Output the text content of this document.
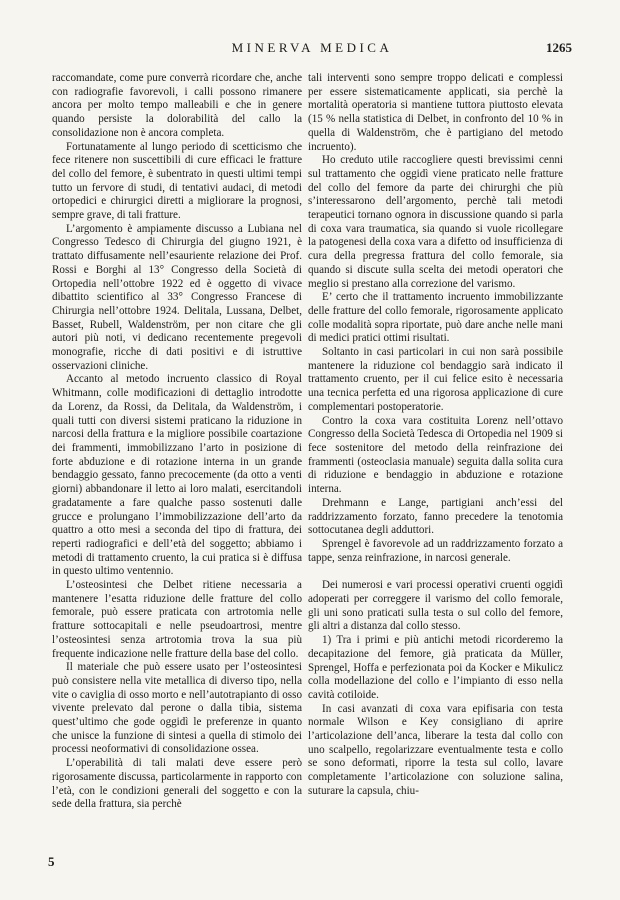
MINERVA MEDICA	1265

raccomandate, come pure converrà ricordare che, anche con radiografie favorevoli, i calli possono rimanere ancora per molto tempo malleabili e che in genere quando persiste la dolorabilità del callo la consolidazione non è ancora completa.

Fortunatamente al lungo periodo di scetticismo che fece ritenere non suscettibili di cure efficaci le fratture del collo del femore, è subentrato in questi ultimi tempi tutto un fervore di studi, di tentativi audaci, di metodi ortopedici e chirurgici diretti a migliorare la prognosi, sempre grave, di tali fratture.

L’argomento è ampiamente discusso a Lubiana nel Congresso Tedesco di Chirurgia del giugno 1921, è trattato diffusamente nell’esauriente relazione dei Prof. Rossi e Borghi al 13° Congresso della Società di Ortopedia nell’ottobre 1922 ed è oggetto di vivace dibattito scientifico al 33° Congresso Francese di Chirurgia nell’ottobre 1924. Delitala, Lussana, Delbet, Basset, Rubell, Waldenström, per non citare che gli autori più noti, vi dedicano recentemente pregevoli monografie, ricche di dati positivi e di istruttive osservazioni cliniche.

Accanto al metodo incruento classico di Royal Whitmann, colle modificazioni di dettaglio introdotte da Lorenz, da Rossi, da Delitala, da Waldenström, i quali tutti con diversi sistemi praticano la riduzione in narcosi della frattura e la migliore possibile coartazione dei frammenti, immobilizzano l’arto in posizione di forte abduzione e di rotazione interna in un grande bendaggio gessato, fanno precocemente (da otto a venti giorni) abbandonare il letto ai loro malati, esercitandoli gradatamente a fare qualche passo sostenuti dalle grucce e prolungano l’immobilizzazione dell’arto da quattro a otto mesi a seconda del tipo di frattura, dei reperti radiografici e dell’età del soggetto; abbiamo i metodi di trattamento cruento, la cui pratica si è diffusa in questo ultimo ventennio.

L’osteosintesi che Delbet ritiene necessaria a mantenere l’esatta riduzione delle fratture del collo femorale, può essere praticata con artrotomia nelle fratture sottocapitali e nelle pseudoartrosi, mentre l’osteosintesi senza artrotomia trova la sua più frequente indicazione nelle fratture della base del collo.

Il materiale che può essere usato per l’osteosintesi può consistere nella vite metallica di diverso tipo, nella vite o caviglia di osso morto e nell’autotrapianto di osso vivente prelevato dal perone o dalla tibia, sistema quest’ultimo che gode oggidì le preferenze in quanto che unisce la funzione di sintesi a quella di stimolo dei processi neoformativi di consolidazione ossea.

L’operabilità di tali malati deve essere però rigorosamente discussa, particolarmente in rapporto con l’età, con le condizioni generali del soggetto e con la sede della frattura, sia perchè

tali interventi sono sempre troppo delicati e complessi per essere sistematicamente applicati, sia perchè la mortalità operatoria si mantiene tuttora piuttosto elevata (15 % nella statistica di Delbet, in confronto del 10 % in quella di Waldenström, che è partigiano del metodo incruento).

Ho creduto utile raccogliere questi brevissimi cenni sul trattamento che oggidì viene praticato nelle fratture del collo del femore da parte dei chirurghi che più s’interessarono dell’argomento, perchè tali metodi terapeutici tornano ognora in discussione quando si parla di coxa vara traumatica, sia quando si vuole ricollegare la patogenesi della coxa vara a difetto od insufficienza di cura della pregressa frattura del collo femorale, sia quando si discute sulla scelta dei metodi operatori che meglio si prestano alla correzione del varismo.

E’ certo che il trattamento incruento immobilizzante delle fratture del collo femorale, rigorosamente applicato colle modalità sopra riportate, può dare anche nelle mani di medici pratici ottimi risultati.

Soltanto in casi particolari in cui non sarà possibile mantenere la riduzione col bendaggio sarà indicato il trattamento cruento, per il cui felice esito è necessaria una tecnica perfetta ed una rigorosa applicazione di cure complementari postoperatorie.

Contro la coxa vara costituita Lorenz nell’ottavo Congresso della Società Tedesca di Ortopedia nel 1909 si fece sostenitore del metodo della reinfrazione dei frammenti (osteoclasia manuale) seguita dalla solita cura di riduzione e bendaggio in abduzione e rotazione interna.

Drehmann e Lange, partigiani anch’essi del raddrizzamento forzato, fanno precedere la tenotomia sottocutanea degli adduttori.

Sprengel è favorevole ad un raddrizzamento forzato a tappe, senza reinfrazione, in narcosi generale.

Dei numerosi e vari processi operativi cruenti oggidì adoperati per correggere il varismo del collo femorale, gli uni sono praticati sulla testa o sul collo del femore, gli altri a distanza dal collo stesso.

1) Tra i primi e più antichi metodi ricorderemo la decapitazione del femore, già praticata da Müller, Sprengel, Hoffa e perfezionata poi da Kocker e Mikulicz colla modellazione del collo e l’impianto di esso nella cavità cotiloide.

In casi avanzati di coxa vara epifisaria con testa normale Wilson e Key consigliano di aprire l’articolazione dell’anca, liberare la testa dal collo con uno scalpello, regolarizzare eventualmente testa e collo se sono deformati, riporre la testa sul collo, lavare completamente l’articolazione con soluzione salina, suturare la capsula, chiu-

5
